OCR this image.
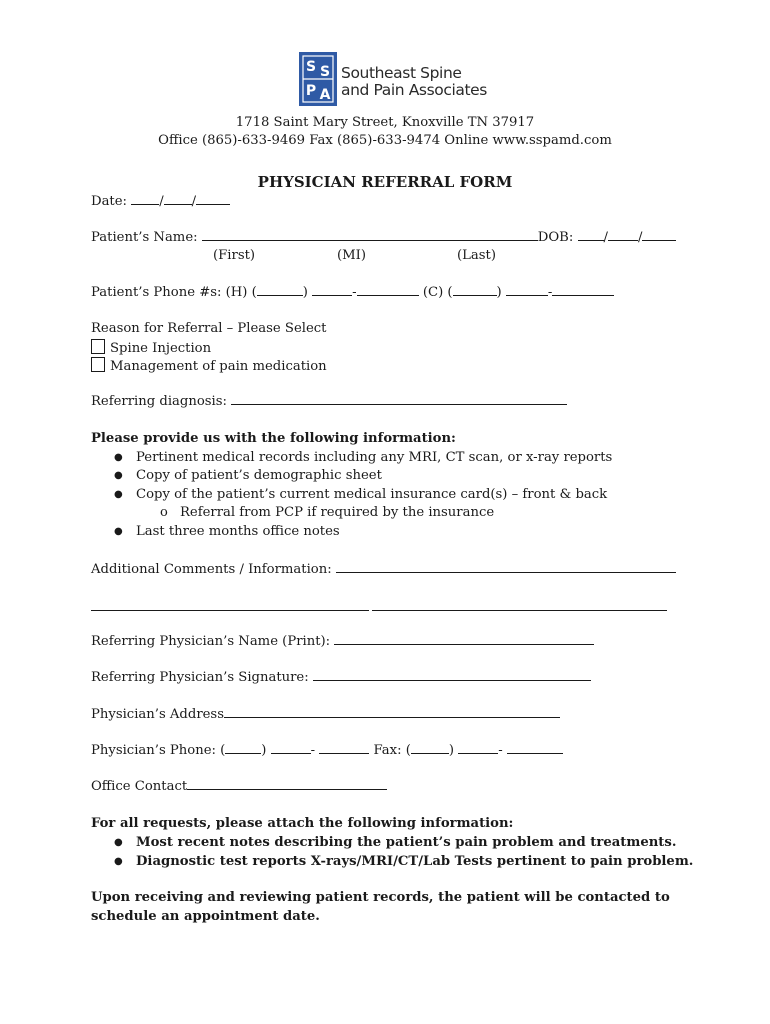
S S
P A
Southeast Spine
and Pain Associates
1718 Saint Mary Street, Knoxville TN 37917
Office (865)-633-9469 Fax (865)-633-9474 Online www.sspamd.com
PHYSICIAN REFERRAL FORM
Date: / /
Patient’s Name:	DOB: / /
(First)	(MI)	(Last)
Patient’s Phone #s: (H) (	)	-	(C) (	)	-
Reason for Referral – Please Select
Spine Injection
Management of pain medication
Referring diagnosis:
Please provide us with the following information:
● Pertinent medical records including any MRI, CT scan, or x-ray reports
● Copy of patient’s demographic sheet
● Copy of the patient’s current medical insurance card(s) – front & back
o Referral from PCP if required by the insurance
● Last three months office notes
Additional Comments / Information:
Referring Physician’s Name (Print):
Referring Physician’s Signature:
Physician’s Address
Physician’s Phone: (	)	-	Fax: (	)	-
Office Contact
For all requests, please attach the following information:
● Most recent notes describing the patient’s pain problem and treatments.
● Diagnostic test reports X-rays/MRI/CT/Lab Tests pertinent to pain problem.
Upon receiving and reviewing patient records, the patient will be contacted to
schedule an appointment date.
